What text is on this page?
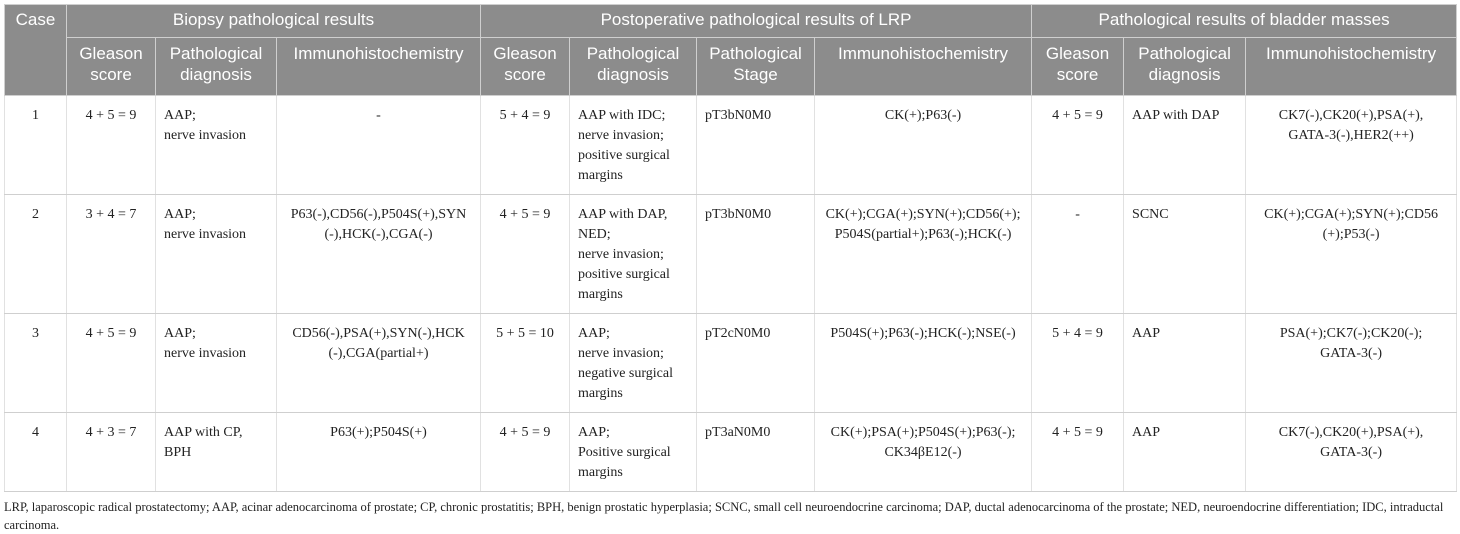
Case	Biopsy pathological results			Postoperative pathological results of LRP				Pathological results of bladder masses		
	Gleason score	Pathological diagnosis	Immunohistochemistry	Gleason score	Pathological diagnosis	Pathological Stage	Immunohistochemistry	Gleason score	Pathological diagnosis	Immunohistochemistry
1	4 + 5 = 9	AAP;
nerve invasion	-	5 + 4 = 9	AAP with IDC;
nerve invasion;
positive surgical
margins	pT3bN0M0	CK(+);P63(-)	4 + 5 = 9	AAP with DAP	CK7(-),CK20(+),PSA(+),
GATA-3(-),HER2(++)

2	3 + 4 = 7	AAP;
nerve invasion	P63(-),CD56(-),P504S(+),SYN
(-),HCK(-),CGA(-)	4 + 5 = 9	AAP with DAP,
NED;
nerve invasion;
positive surgical
margins	pT3bN0M0	CK(+);CGA(+);SYN(+);CD56(+);
P504S(partial+);P63(-);HCK(-)	-	SCNC	CK(+);CGA(+);SYN(+);CD56
(+);P53(-)

3	4 + 5 = 9	AAP;
nerve invasion	CD56(-),PSA(+),SYN(-),HCK
(-),CGA(partial+)	5 + 5 = 10	AAP;
nerve invasion;
negative surgical
margins	pT2cN0M0	P504S(+);P63(-);HCK(-);NSE(-)	5 + 4 = 9	AAP	PSA(+);CK7(-);CK20(-);
GATA-3(-)

4	4 + 3 = 7	AAP with CP,
BPH	P63(+);P504S(+)	4 + 5 = 9	AAP;
Positive surgical
margins	pT3aN0M0	CK(+);PSA(+);P504S(+);P63(-);
CK34βE12(-)	4 + 5 = 9	AAP	CK7(-),CK20(+),PSA(+),
GATA-3(-)
LRP, laparoscopic radical prostatectomy; AAP, acinar adenocarcinoma of prostate; CP, chronic prostatitis; BPH, benign prostatic hyperplasia; SCNC, small cell neuroendocrine carcinoma; DAP, ductal adenocarcinoma of the prostate; NED, neuroendocrine differentiation; IDC, intraductal carcinoma.
